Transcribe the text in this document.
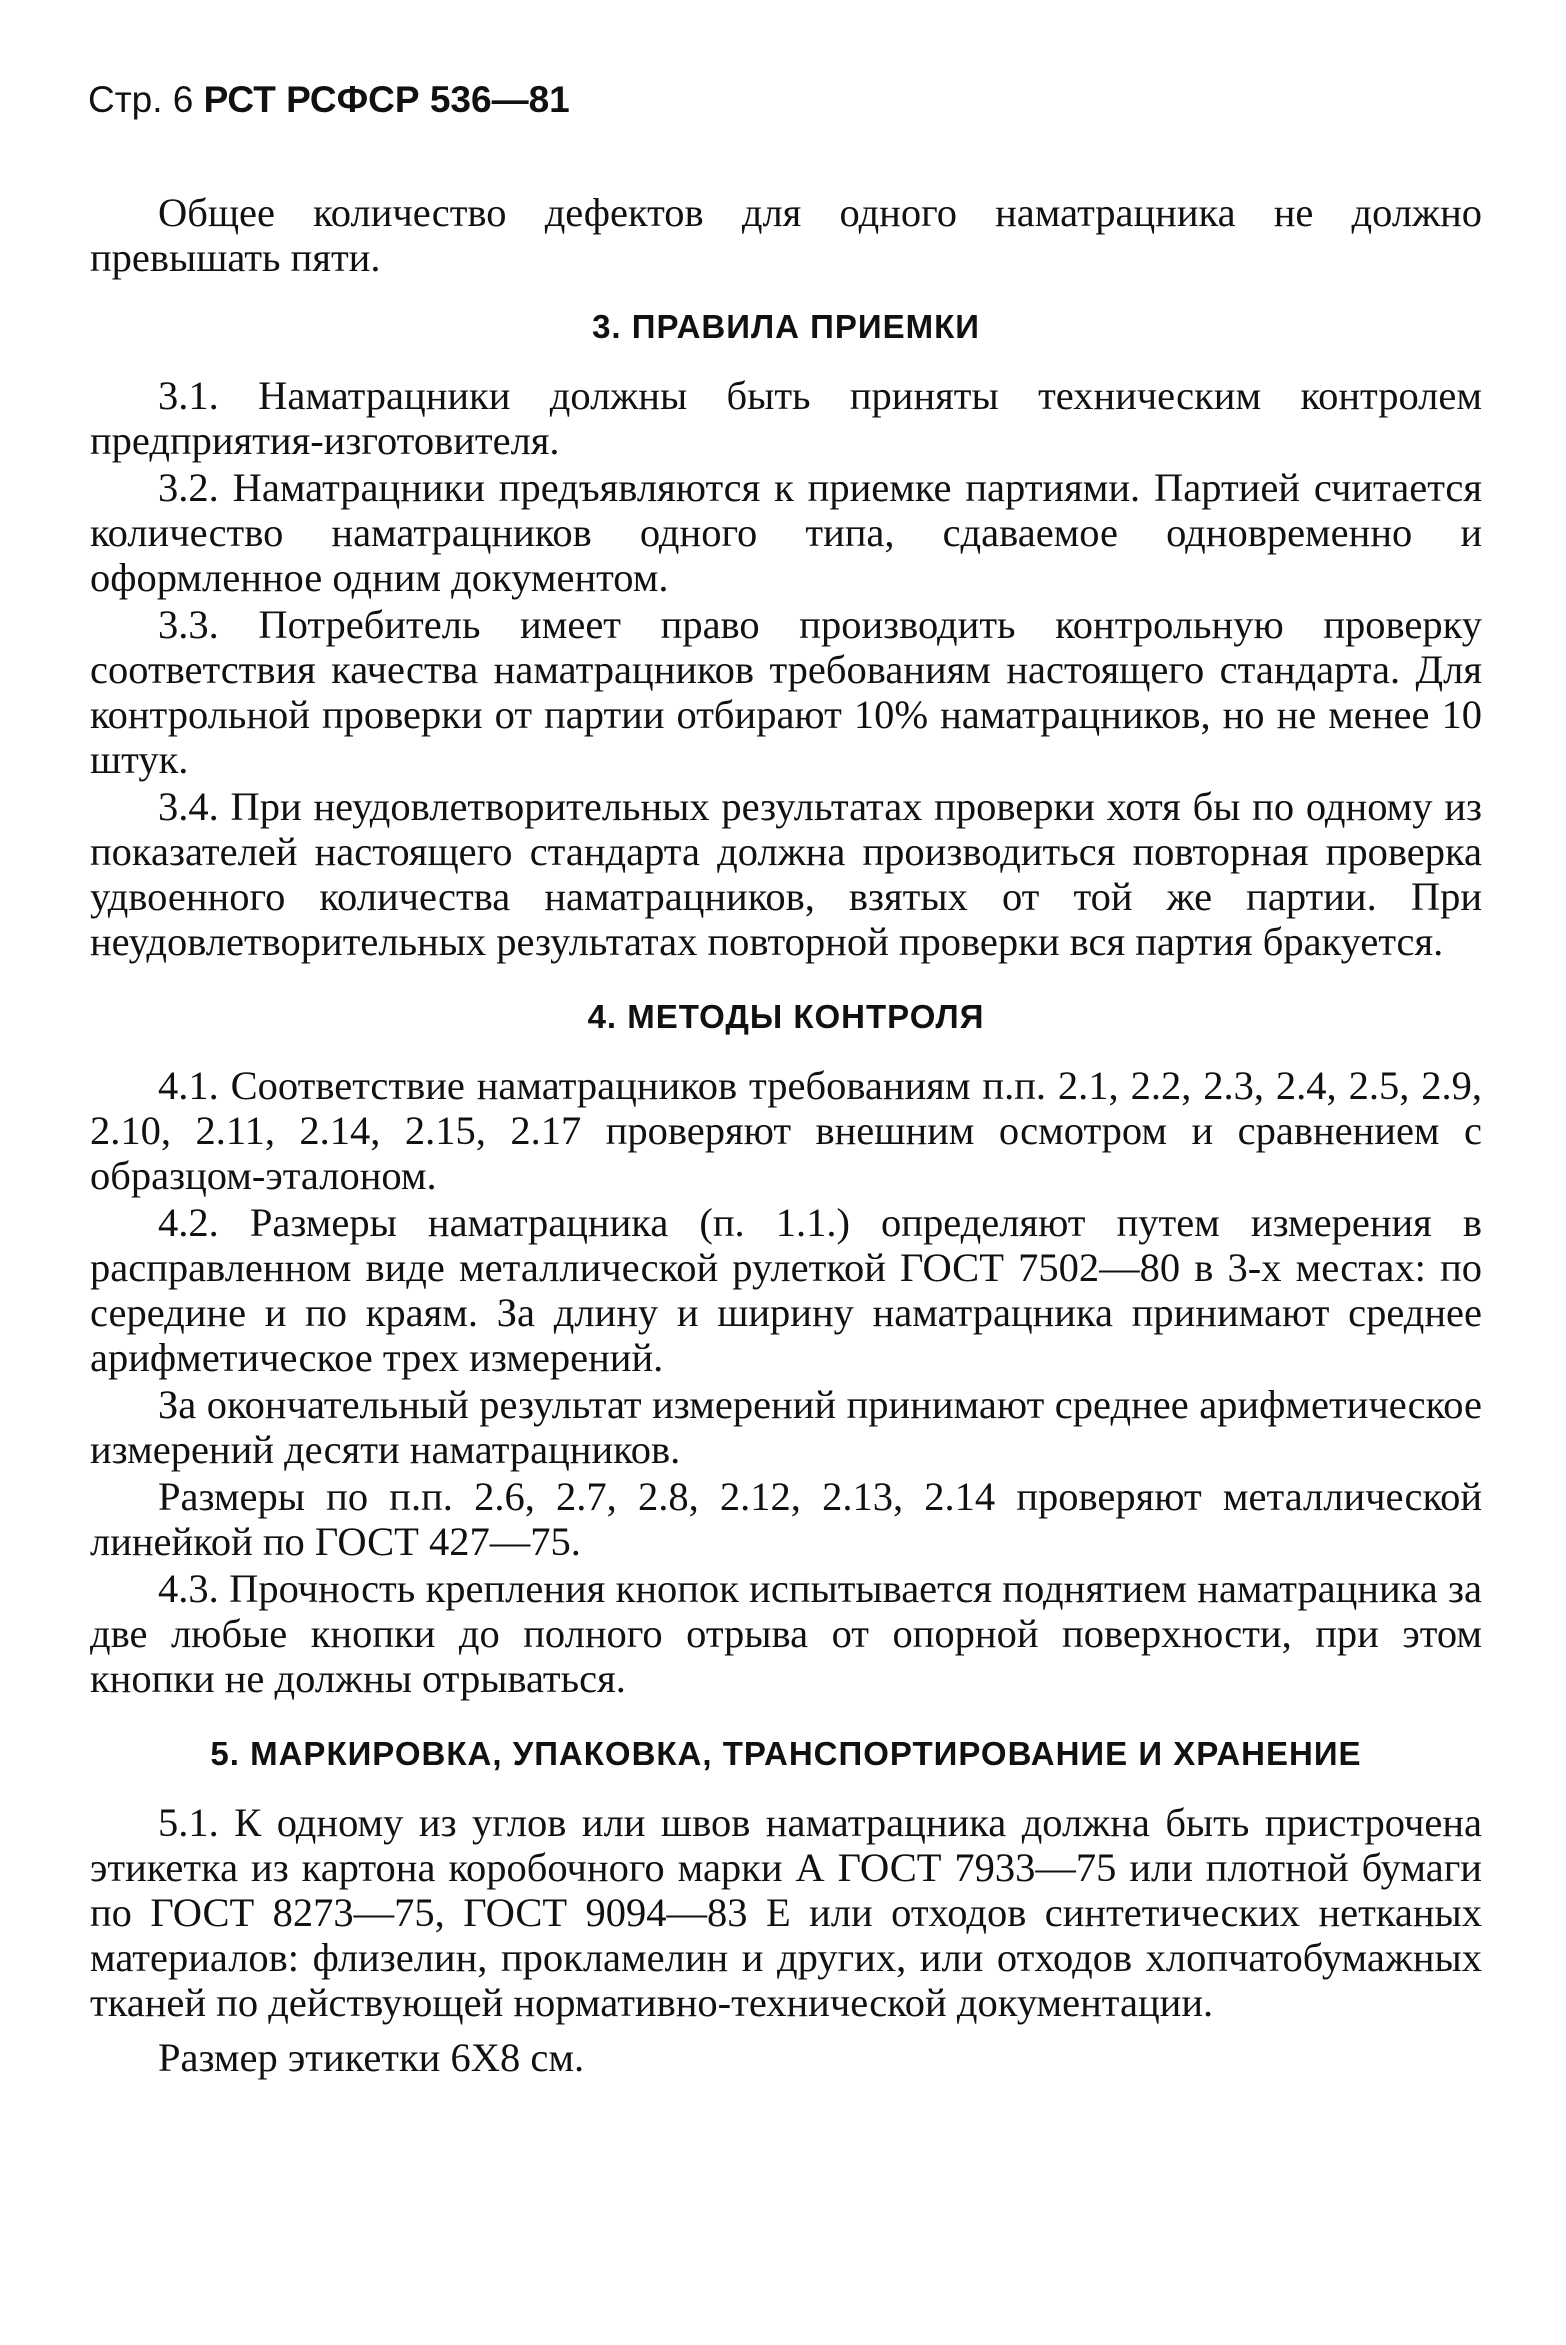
Стр. 6 РСТ РСФСР 536—81

Общее количество дефектов для одного наматрацника не должно превышать пяти.

3. ПРАВИЛА ПРИЕМКИ

3.1. Наматрацники должны быть приняты техническим контролем предприятия-изготовителя.

3.2. Наматрацники предъявляются к приемке партиями. Партией считается количество наматрацников одного типа, сдаваемое одновременно и оформленное одним документом.

3.3. Потребитель имеет право производить контрольную проверку соответствия качества наматрацников требованиям настоящего стандарта. Для контрольной проверки от партии отбирают 10% наматрацников, но не менее 10 штук.

3.4. При неудовлетворительных результатах проверки хотя бы по одному из показателей настоящего стандарта должна производиться повторная проверка удвоенного количества наматрацников, взятых от той же партии. При неудовлетворительных результатах повторной проверки вся партия бракуется.

4. МЕТОДЫ КОНТРОЛЯ

4.1. Соответствие наматрацников требованиям п.п. 2.1, 2.2, 2.3, 2.4, 2.5, 2.9, 2.10, 2.11, 2.14, 2.15, 2.17 проверяют внешним осмотром и сравнением с образцом-эталоном.

4.2. Размеры наматрацника (п. 1.1.) определяют путем измерения в расправленном виде металлической рулеткой ГОСТ 7502—80 в 3-х местах: по середине и по краям. За длину и ширину наматрацника принимают среднее арифметическое трех измерений.

За окончательный результат измерений принимают среднее арифметическое измерений десяти наматрацников.

Размеры по п.п. 2.6, 2.7, 2.8, 2.12, 2.13, 2.14 проверяют металлической линейкой по ГОСТ 427—75.

4.3. Прочность крепления кнопок испытывается поднятием наматрацника за две любые кнопки до полного отрыва от опорной поверхности, при этом кнопки не должны отрываться.

5. МАРКИРОВКА, УПАКОВКА, ТРАНСПОРТИРОВАНИЕ И ХРАНЕНИЕ

5.1. К одному из углов или швов наматрацника должна быть пристрочена этикетка из картона коробочного марки А ГОСТ 7933—75 или плотной бумаги по ГОСТ 8273—75, ГОСТ 9094—83 Е или отходов синтетических нетканых материалов: флизелин, прокламелин и других, или отходов хлопчатобумажных тканей по действующей нормативно-технической документации.

Размер этикетки 6Х8 см.
